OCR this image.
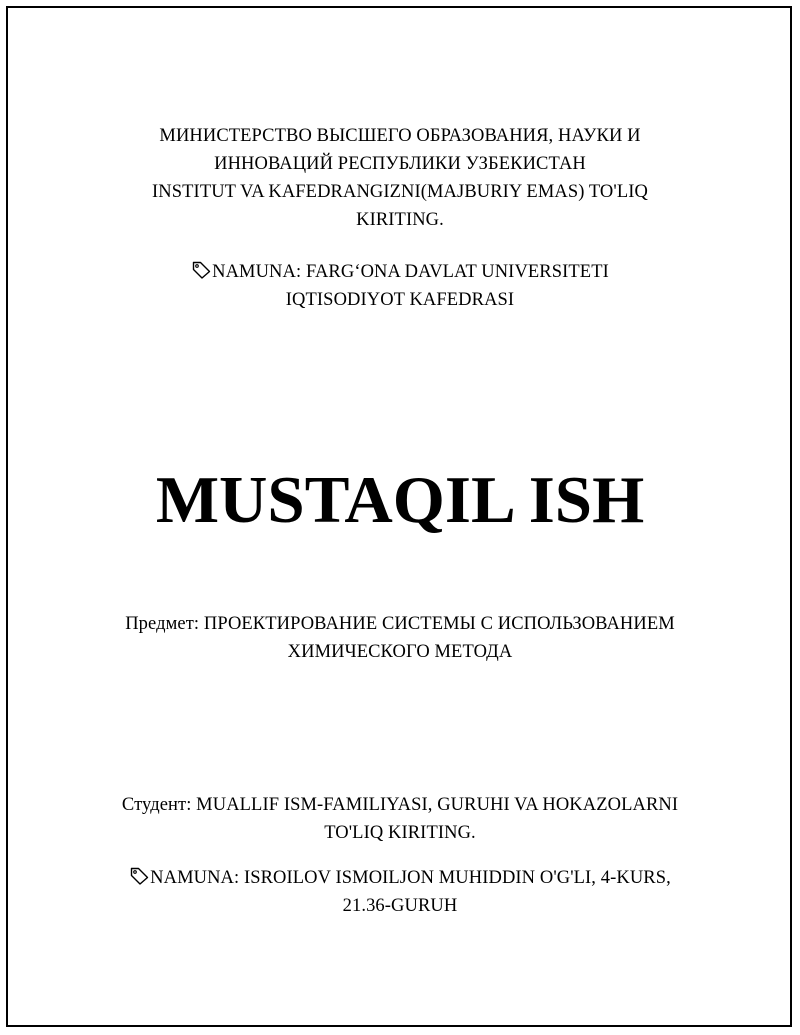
МИНИСТЕРСТВО ВЫСШЕГО ОБРАЗОВАНИЯ, НАУКИ И
ИННОВАЦИЙ РЕСПУБЛИКИ УЗБЕКИСТАН
INSTITUT VA KAFEDRANGIZNI(MAJBURIY EMAS) TO'LIQ
KIRITING.
NAMUNA: FARG‘ONA DAVLAT UNIVERSITETI
IQTISODIYOT KAFEDRASI
MUSTAQIL ISH
Предмет: ПРОЕКТИРОВАНИЕ СИСТЕМЫ С ИСПОЛЬЗОВАНИЕМ
ХИМИЧЕСКОГО МЕТОДА
Студент: MUALLIF ISM-FAMILIYASI, GURUHI VA HOKAZOLARNI
TO'LIQ KIRITING.
NAMUNA: ISROILOV ISMOILJON MUHIDDIN O'G'LI, 4-KURS,
21.36-GURUH
